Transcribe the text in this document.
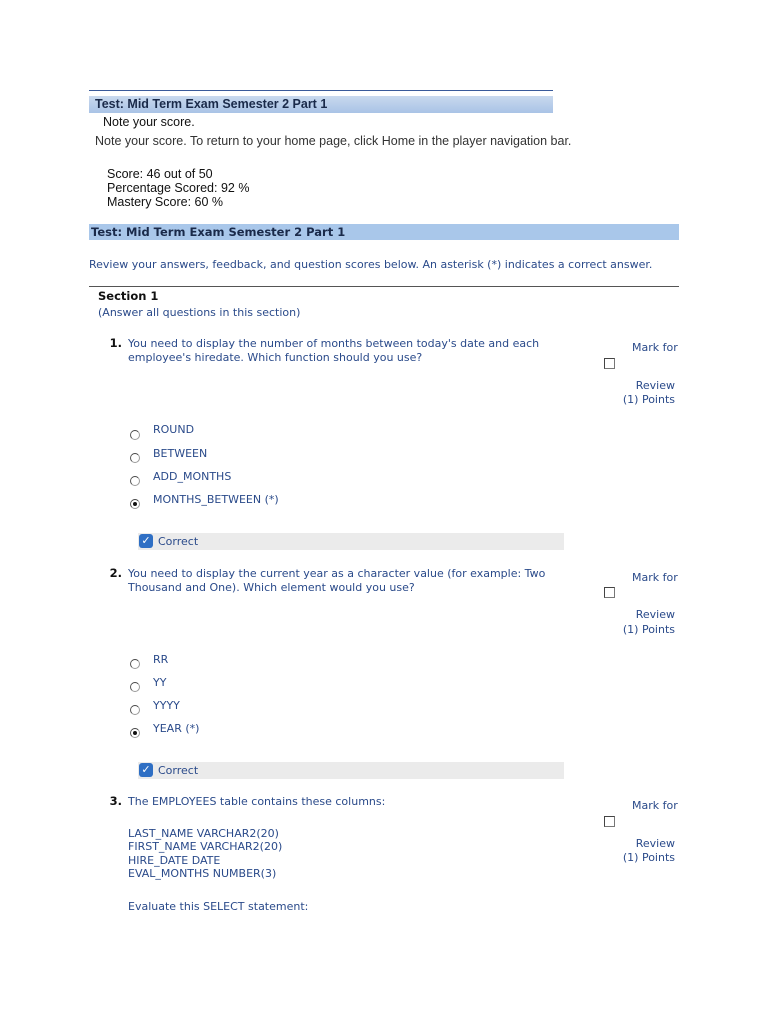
Test: Mid Term Exam Semester 2 Part 1
Note your score.
Note your score. To return to your home page, click Home in the player navigation bar.
Score: 46 out of 50
Percentage Scored: 92 %
Mastery Score: 60 %
Test: Mid Term Exam Semester 2 Part 1
Review your answers, feedback, and question scores below. An asterisk (*) indicates a correct answer.
Section 1
(Answer all questions in this section)
1. You need to display the number of months between today's date and each employee's hiredate. Which function should you use?
Mark for
Review
(1) Points
ROUND
BETWEEN
ADD_MONTHS
MONTHS_BETWEEN (*)
✓ Correct
2. You need to display the current year as a character value (for example: Two Thousand and One). Which element would you use?
Mark for
Review
(1) Points
RR
YY
YYYY
YEAR (*)
✓ Correct
3. The EMPLOYEES table contains these columns:	Mark for
Review
(1) Points
LAST_NAME VARCHAR2(20)
FIRST_NAME VARCHAR2(20)
HIRE_DATE DATE
EVAL_MONTHS NUMBER(3)
Evaluate this SELECT statement:
